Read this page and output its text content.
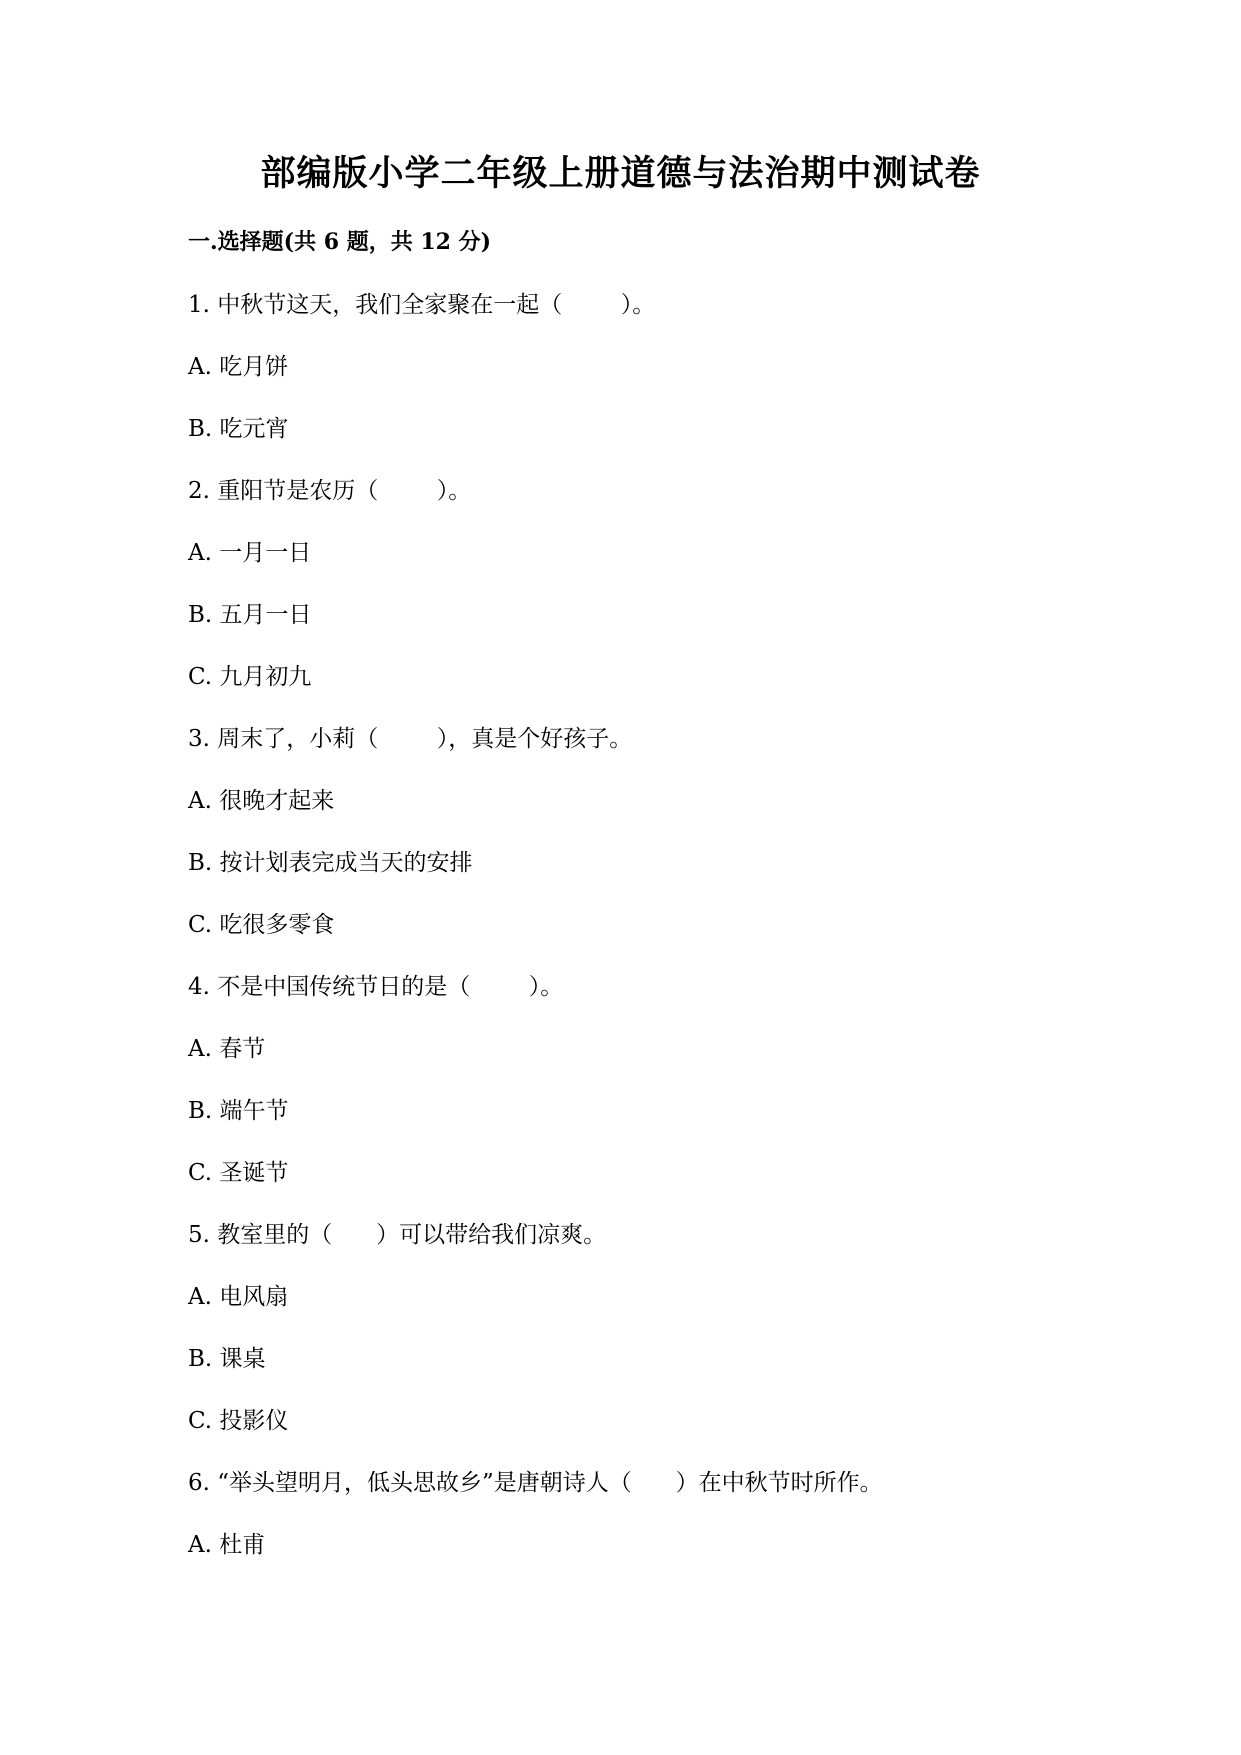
部编版小学二年级上册道德与法治期中测试卷
一.选择题(共 6 题，共 12 分)
1. 中秋节这天，我们全家聚在一起（        ）。
A. 吃月饼
B. 吃元宵
2. 重阳节是农历（        ）。
A. 一月一日
B. 五月一日
C. 九月初九
3. 周末了，小莉（        ），真是个好孩子。
A. 很晚才起来
B. 按计划表完成当天的安排
C. 吃很多零食
4. 不是中国传统节日的是（        ）。
A. 春节
B. 端午节
C. 圣诞节
5. 教室里的（      ）可以带给我们凉爽。
A. 电风扇
B. 课桌
C. 投影仪
6. “举头望明月，低头思故乡”是唐朝诗人（      ）在中秋节时所作。
A. 杜甫
